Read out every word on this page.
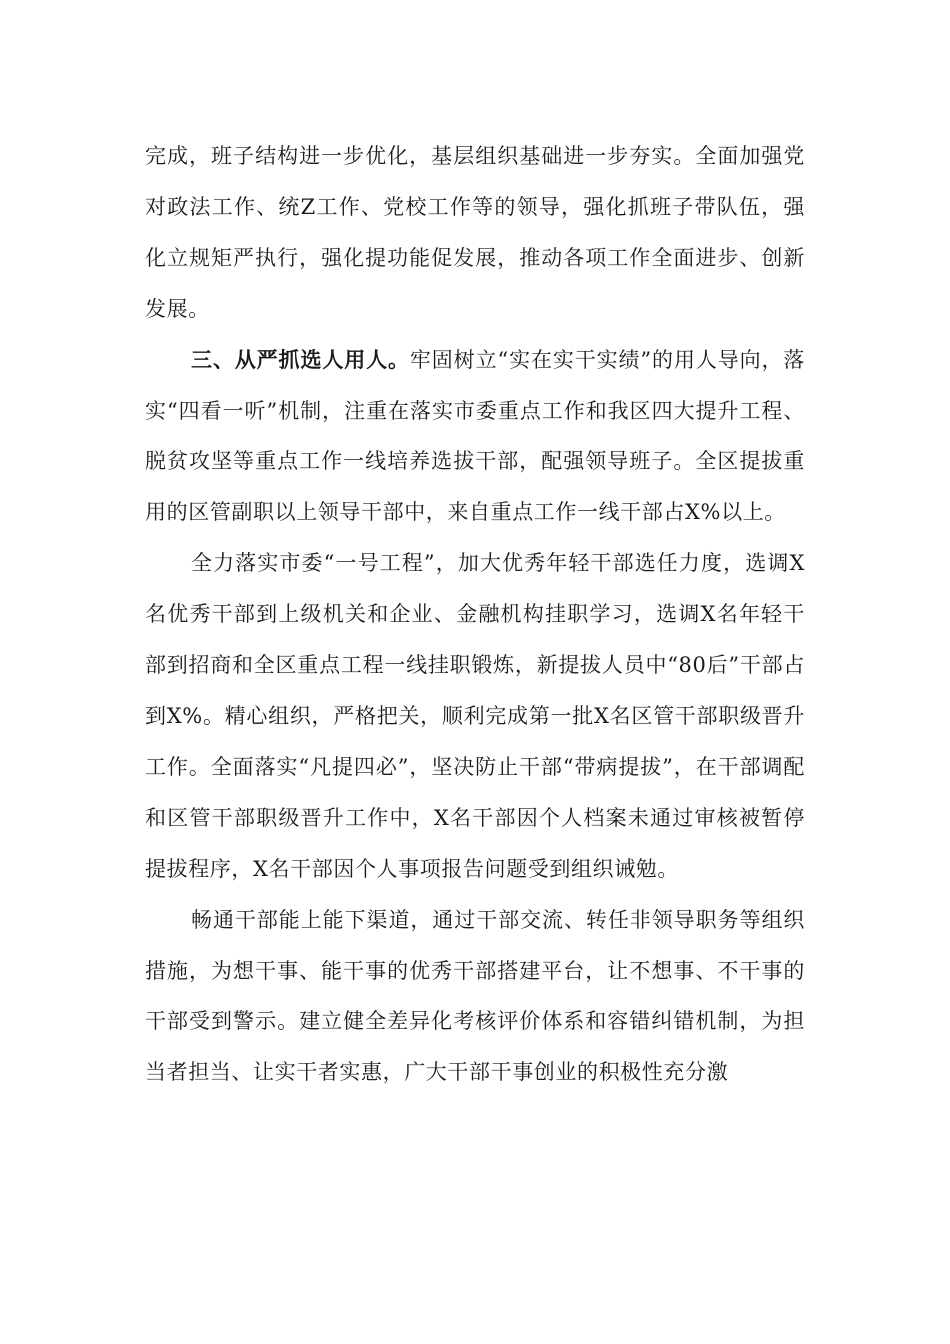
完成，班子结构进一步优化，基层组织基础进一步夯实。全面加强党对政法工作、统Z工作、党校工作等的领导，强化抓班子带队伍，强化立规矩严执行，强化提功能促发展，推动各项工作全面进步、创新发展。

三、从严抓选人用人。牢固树立“实在实干实绩”的用人导向，落实“四看一听”机制，注重在落实市委重点工作和我区四大提升工程、脱贫攻坚等重点工作一线培养选拔干部，配强领导班子。全区提拔重用的区管副职以上领导干部中，来自重点工作一线干部占X%以上。

全力落实市委“一号工程”，加大优秀年轻干部选任力度，选调X名优秀干部到上级机关和企业、金融机构挂职学习，选调X名年轻干部到招商和全区重点工程一线挂职锻炼，新提拔人员中“80后”干部占到X%。精心组织，严格把关，顺利完成第一批X名区管干部职级晋升工作。全面落实“凡提四必”，坚决防止干部“带病提拔”，在干部调配和区管干部职级晋升工作中，X名干部因个人档案未通过审核被暂停提拔程序，X名干部因个人事项报告问题受到组织诫勉。

畅通干部能上能下渠道，通过干部交流、转任非领导职务等组织措施，为想干事、能干事的优秀干部搭建平台，让不想事、不干事的干部受到警示。建立健全差异化考核评价体系和容错纠错机制，为担当者担当、让实干者实惠，广大干部干事创业的积极性充分激
